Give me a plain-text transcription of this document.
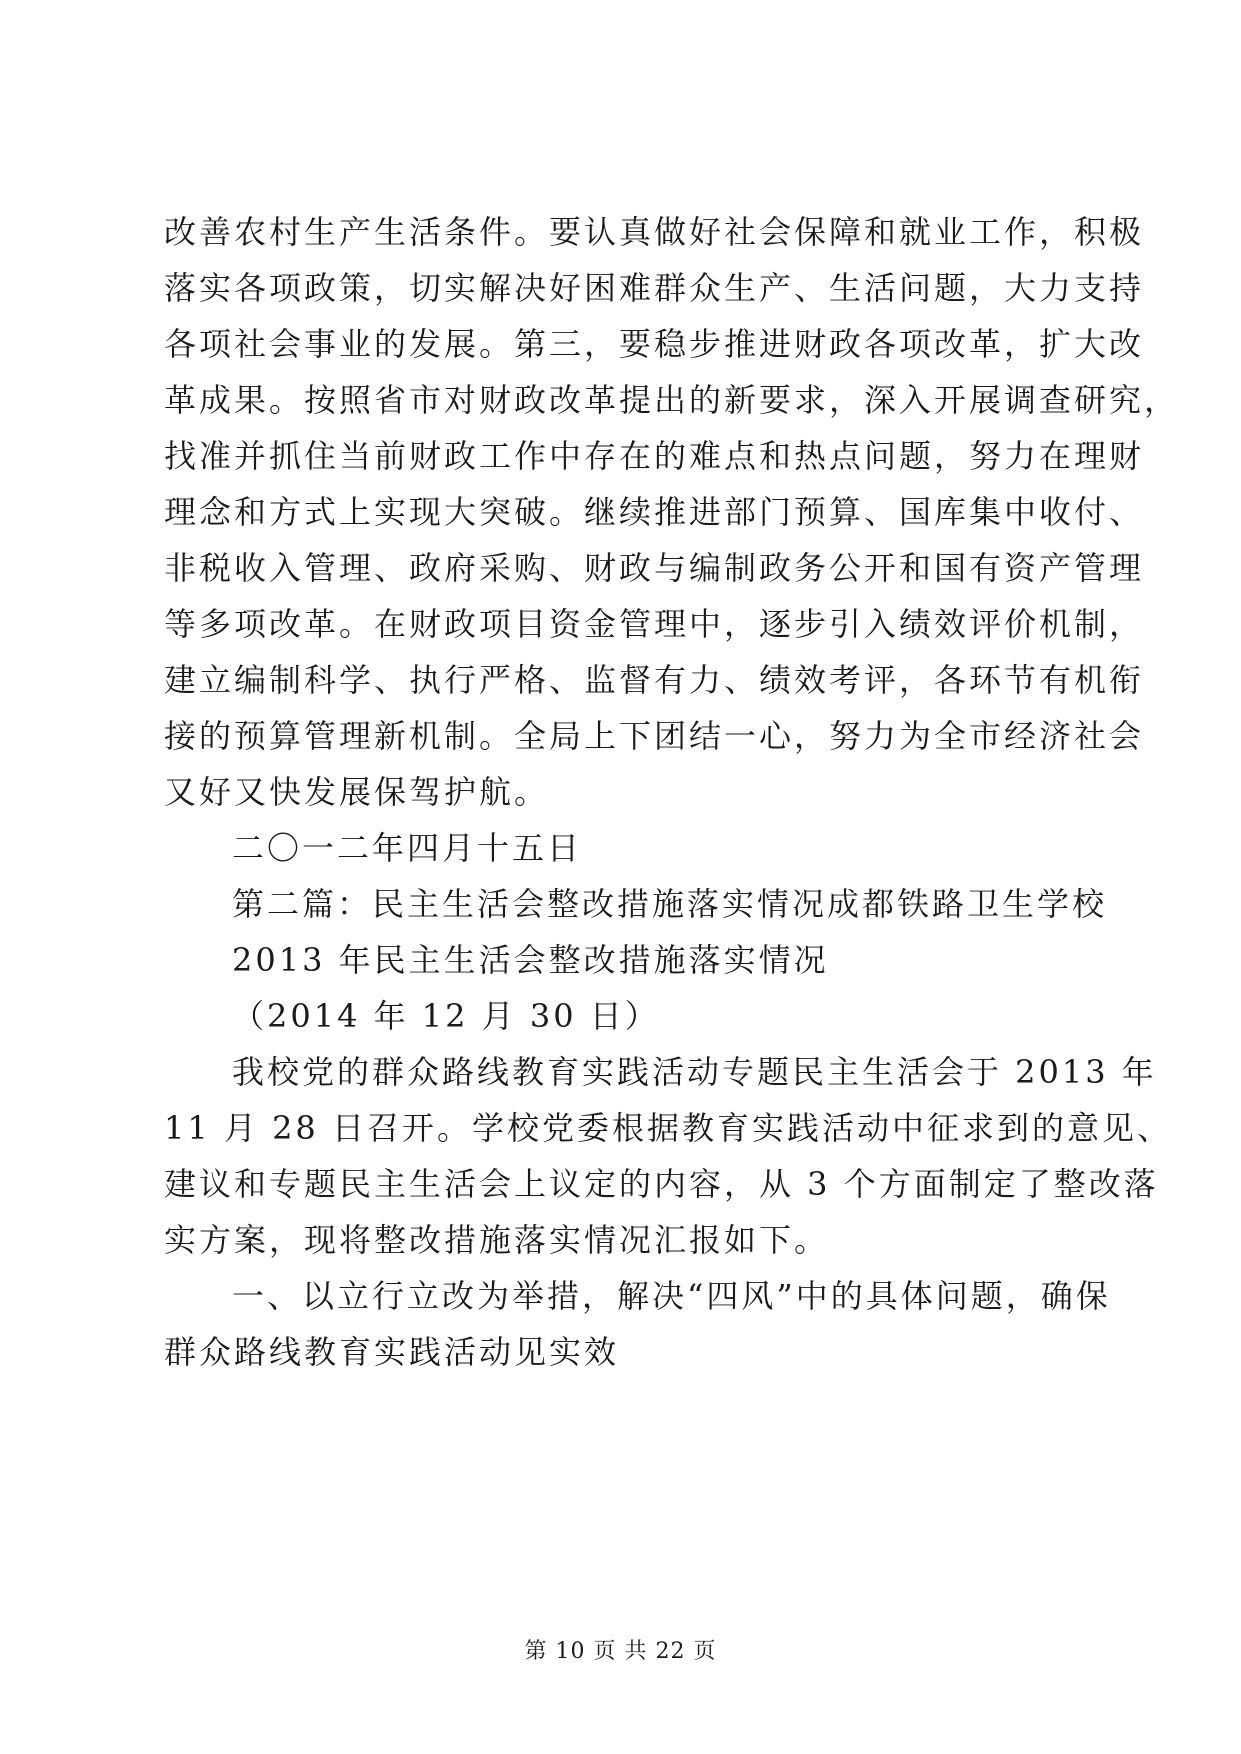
改善农村生产生活条件。要认真做好社会保障和就业工作，积极
落实各项政策，切实解决好困难群众生产、生活问题，大力支持
各项社会事业的发展。第三，要稳步推进财政各项改革，扩大改
革成果。按照省市对财政改革提出的新要求，深入开展调查研究，
找准并抓住当前财政工作中存在的难点和热点问题，努力在理财
理念和方式上实现大突破。继续推进部门预算、国库集中收付、
非税收入管理、政府采购、财政与编制政务公开和国有资产管理
等多项改革。在财政项目资金管理中，逐步引入绩效评价机制，
建立编制科学、执行严格、监督有力、绩效考评，各环节有机衔
接的预算管理新机制。全局上下团结一心，努力为全市经济社会
又好又快发展保驾护航。
二〇一二年四月十五日
第二篇：民主生活会整改措施落实情况成都铁路卫生学校
2013 年民主生活会整改措施落实情况
（2014 年 12 月 30 日）
我校党的群众路线教育实践活动专题民主生活会于 2013 年
11 月 28 日召开。学校党委根据教育实践活动中征求到的意见、
建议和专题民主生活会上议定的内容，从 3 个方面制定了整改落
实方案，现将整改措施落实情况汇报如下。
一、以立行立改为举措，解决“四风”中的具体问题，确保
群众路线教育实践活动见实效
第 10 页 共 22 页
